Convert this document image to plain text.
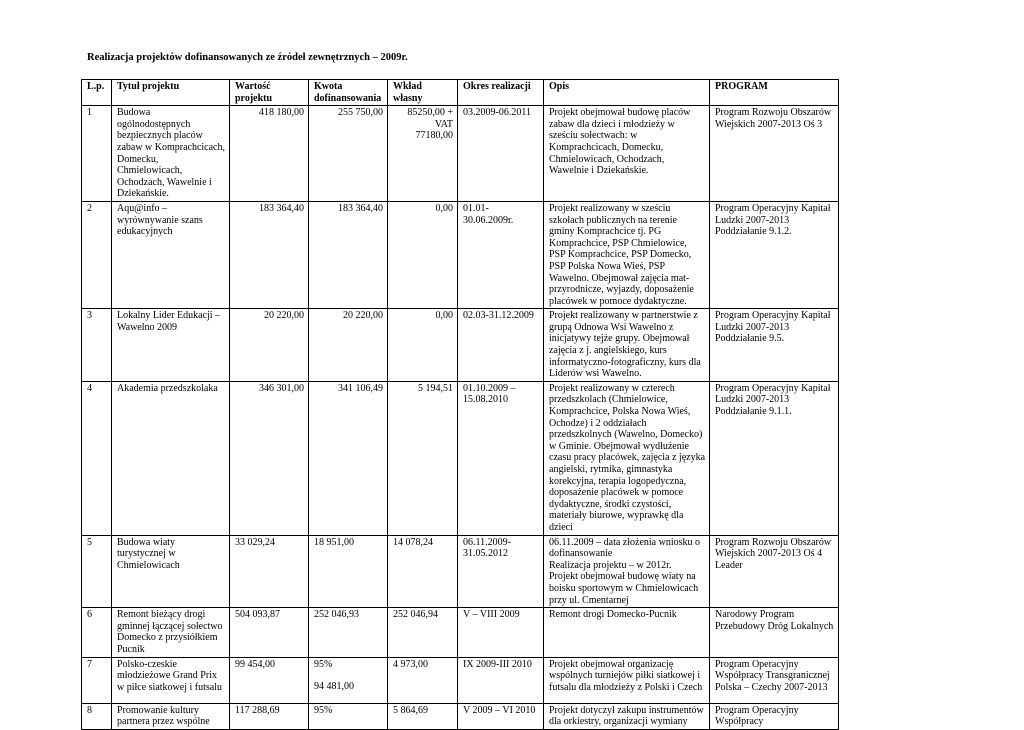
Realizacja projektów dofinansowanych ze źródeł zewnętrznych – 2009r.
L.p.	Tytuł projektu	Wartość projektu	Kwota dofinansowania	Wkład własny	Okres realizacji	Opis	PROGRAM
1	Budowa ogólnodostępnych bezpiecznych placów zabaw w Komprachcicach, Domecku, Chmielowicach, Ochodzach, Wawelnie i Dziekańskie.	418 180,00	255 750,00	85250,00 +
VAT
77180,00	03.2009-06.2011	Projekt obejmował budowę placów zabaw dla dzieci i młodzieży w sześciu sołectwach: w Komprachcicach, Domecku, Chmielowicach, Ochodzach, Wawelnie i Dziekańskie.	Program Rozwoju Obszarów Wiejskich 2007-2013 Oś 3
2	Aqu@info – wyrównywanie szans edukacyjnych	183 364,40	183 364,40	0,00	01.01-30.06.2009r.	Projekt realizowany w sześciu szkołach publicznych na terenie gminy Komprachcice tj. PG Komprachcice, PSP Chmielowice, PSP Komprachcice, PSP Domecko, PSP Polska Nowa Wieś, PSP Wawelno. Obejmował zajęcia mat-przyrodnicze, wyjazdy, doposażenie placówek w pomoce dydaktyczne.	Program Operacyjny Kapitał Ludzki 2007-2013 Poddziałanie 9.1.2.
3	Lokalny Lider Edukacji – Wawelno 2009	20 220,00	20 220,00	0,00	02.03-31.12.2009	Projekt realizowany w partnerstwie z grupą Odnowa Wsi Wawelno z inicjatywy tejże grupy. Obejmował zajęcia z j. angielskiego, kurs informatyczno-fotograficzny, kurs dla Liderów wsi Wawelno.	Program Operacyjny Kapitał Ludzki 2007-2013 Poddziałanie 9.5.
4	Akademia przedszkolaka	346 301,00	341 106,49	5 194,51	01.10.2009 – 15.08.2010	Projekt realizowany w czterech przedszkolach (Chmielowice, Komprachcice, Polska Nowa Wieś, Ochodze) i 2 oddziałach przedszkolnych (Wawelno, Domecko) w Gminie. Obejmował wydłużenie czasu pracy placówek, zajęcia z języka angielski, rytmika, gimnastyka korekcyjna, terapia logopedyczna, doposażenie placówek w pomoce dydaktyczne, środki czystości, materiały biurowe, wyprawkę dla dzieci	Program Operacyjny Kapitał Ludzki 2007-2013 Poddziałanie 9.1.1.
5	Budowa wiaty turystycznej w Chmielowicach	33 029,24	18 951,00	14 078,24	06.11.2009-31.05.2012	06.11.2009 – data złożenia wniosku o dofinansowanie
Realizacja projektu – w 2012r.
Projekt obejmował budowę wiaty na boisku sportowym w Chmielowicach przy ul. Cmentarnej	Program Rozwoju Obszarów Wiejskich 2007-2013 Oś 4 Leader
6	Remont bieżący drogi gminnej łączącej sołectwo Domecko z przysiółkiem Pucnik	504 093,87	252 046,93	252 046,94	V – VIII 2009	Remont drogi Domecko-Pucnik	Narodowy Program Przebudowy Dróg Lokalnych
7	Polsko-czeskie młodzieżowe Grand Prix w piłce siatkowej i futsalu	99 454,00	95%
94 481,00	4 973,00	IX 2009-III 2010	Projekt obejmował organizację wspólnych turniejów piłki siatkowej i futsalu dla młodzieży z Polski i Czech	Program Operacyjny Współpracy Transgranicznej Polska – Czechy 2007-2013
8	Promowanie kultury partnera przez wspólne	117 288,69	95%	5 864,69	V 2009 – VI 2010	Projekt dotyczył zakupu instrumentów dla orkiestry, organizacji wymiany	Program Operacyjny Współpracy
